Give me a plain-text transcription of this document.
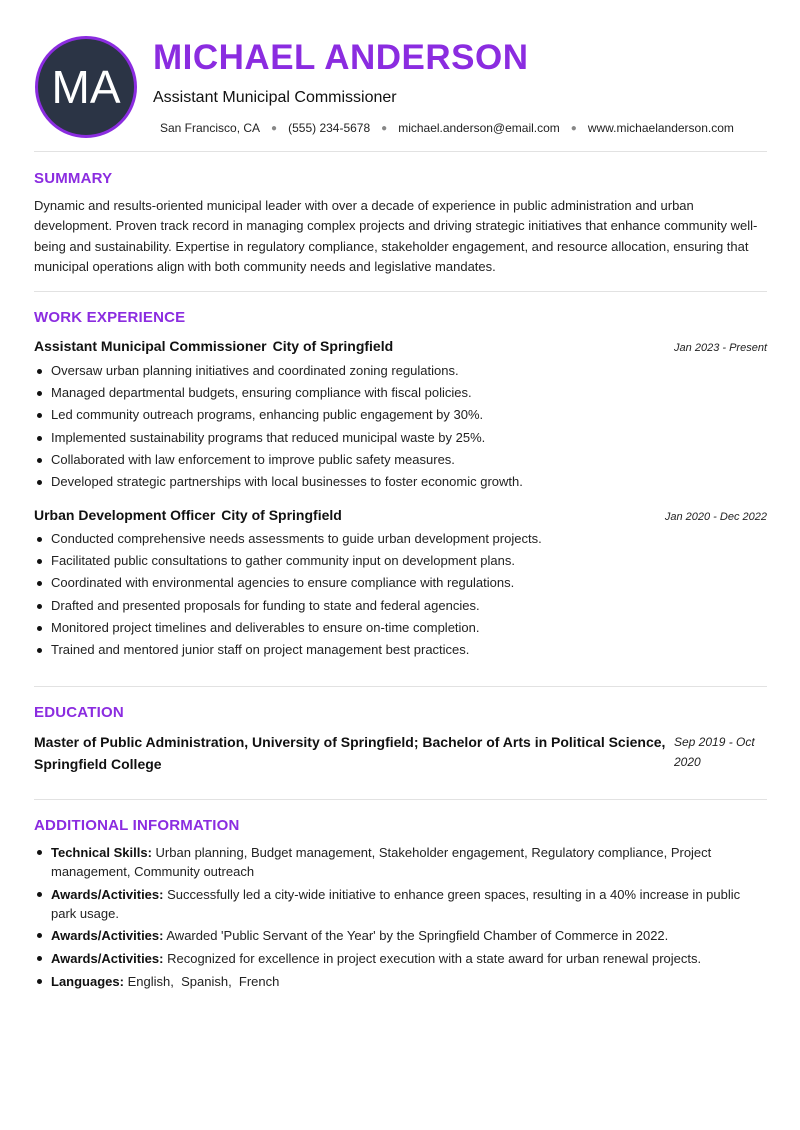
MA
MICHAEL ANDERSON
Assistant Municipal Commissioner
San Francisco, CA ● (555) 234-5678 ● michael.anderson@email.com ● www.michaelanderson.com
SUMMARY

Dynamic and results-oriented municipal leader with over a decade of experience in public administration and urban development. Proven track record in managing complex projects and driving strategic initiatives that enhance community well-being and sustainability. Expertise in regulatory compliance, stakeholder engagement, and resource allocation, ensuring that municipal operations align with both community needs and legislative mandates.

WORK EXPERIENCE
Assistant Municipal Commissioner City of Springfield	Jan 2023 - Present
Oversaw urban planning initiatives and coordinated zoning regulations.
Managed departmental budgets, ensuring compliance with fiscal policies.
Led community outreach programs, enhancing public engagement by 30%.
Implemented sustainability programs that reduced municipal waste by 25%.
Collaborated with law enforcement to improve public safety measures.
Developed strategic partnerships with local businesses to foster economic growth.
Urban Development Officer City of Springfield	Jan 2020 - Dec 2022
Conducted comprehensive needs assessments to guide urban development projects.
Facilitated public consultations to gather community input on development plans.
Coordinated with environmental agencies to ensure compliance with regulations.
Drafted and presented proposals for funding to state and federal agencies.
Monitored project timelines and deliverables to ensure on-time completion.
Trained and mentored junior staff on project management best practices.
EDUCATION
Master of Public Administration, University of Springfield; Bachelor of Arts in Political Science, Springfield College
Sep 2019 - Oct 2020
ADDITIONAL INFORMATION
Technical Skills: Urban planning, Budget management, Stakeholder engagement, Regulatory compliance, Project management, Community outreach
Awards/Activities: Successfully led a city-wide initiative to enhance green spaces, resulting in a 40% increase in public park usage.
Awards/Activities: Awarded 'Public Servant of the Year' by the Springfield Chamber of Commerce in 2022.
Awards/Activities: Recognized for excellence in project execution with a state award for urban renewal projects.
Languages: English , Spanish , French
